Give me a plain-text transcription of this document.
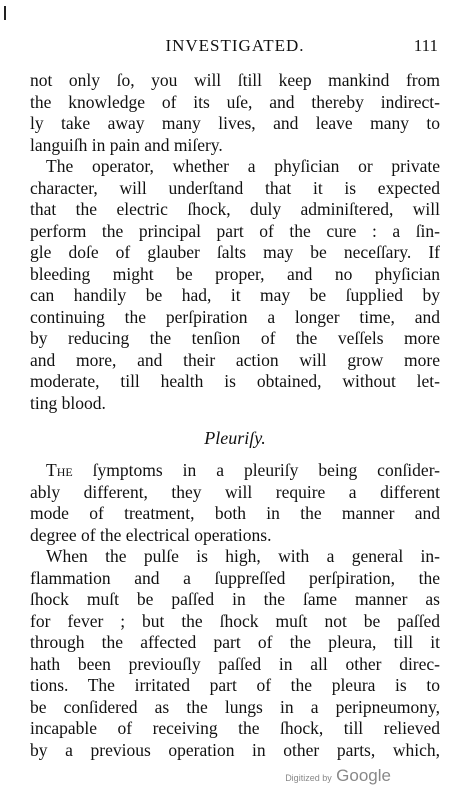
INVESTIGATED.	111
not only ſo, you will ſtill keep mankind from
the knowledge of its uſe, and thereby indirect-
ly take away many lives, and leave many to
languiſh in pain and miſery.
The operator, whether a phyſician or private
character, will underſtand that it is expected
that the electric ſhock, duly adminiſtered, will
perform the principal part of the cure : a ſin-
gle doſe of glauber ſalts may be neceſſary. If
bleeding might be proper, and no phyſician
can handily be had, it may be ſupplied by
continuing the perſpiration a longer time, and
by reducing the tenſion of the veſſels more
and more, and their action will grow more
moderate, till health is obtained, without let-
ting blood.
Pleuriſy.
The ſymptoms in a pleuriſy being conſider-
ably different, they will require a different
mode of treatment, both in the manner and
degree of the electrical operations.
When the pulſe is high, with a general in-
flammation and a ſuppreſſed perſpiration, the
ſhock muſt be paſſed in the ſame manner as
for fever ; but the ſhock muſt not be paſſed
through the affected part of the pleura, till it
hath been previouſly paſſed in all other direc-
tions. The irritated part of the pleura is to
be conſidered as the lungs in a peripneumony,
incapable of receiving the ſhock, till relieved
by a previous operation in other parts, which,
Digitized by Google
